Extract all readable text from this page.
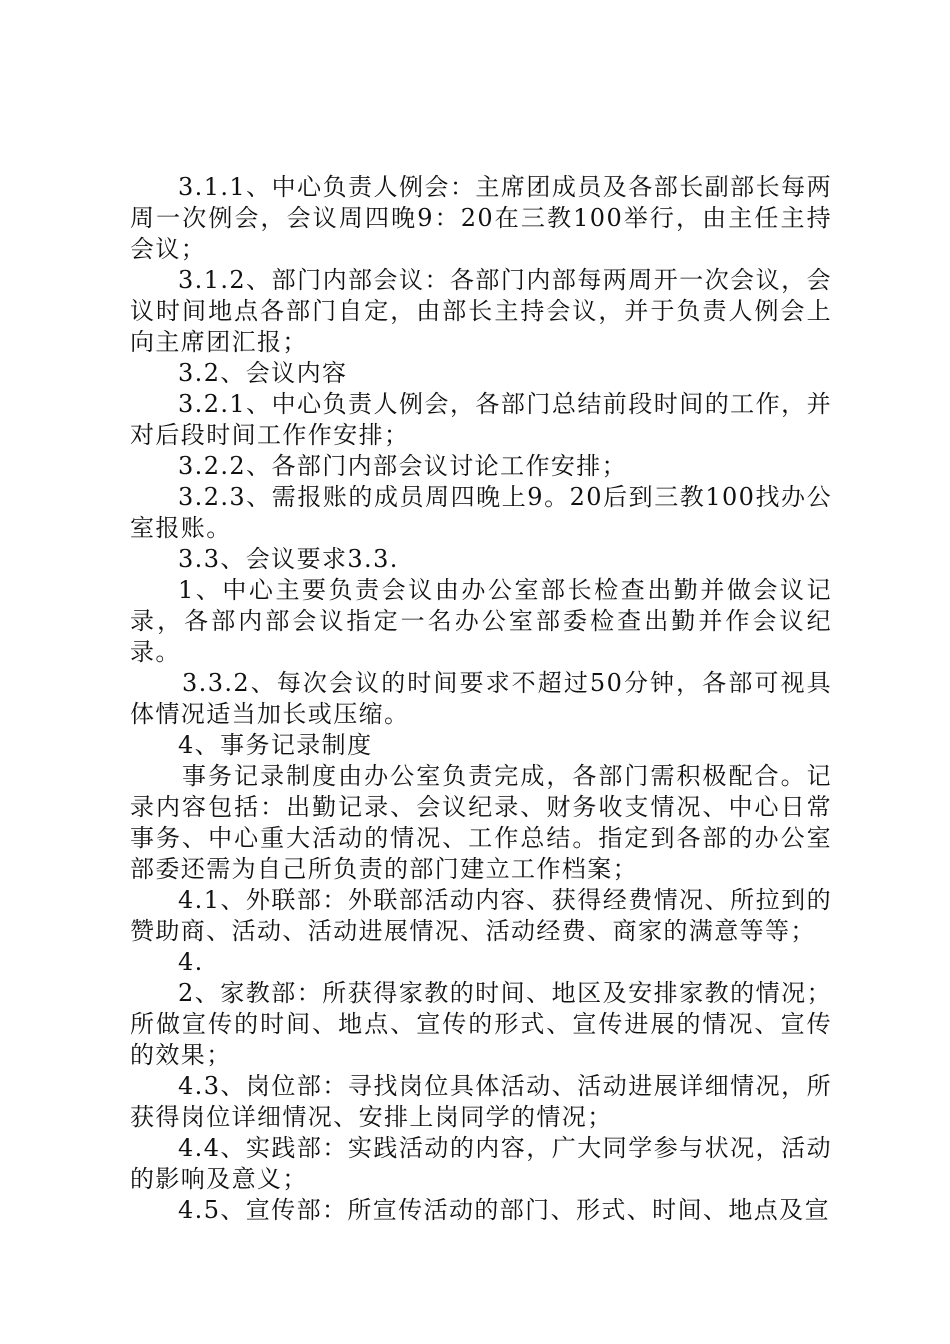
3.1.1、中心负责人例会：主席团成员及各部长副部长每两周一次例会，会议周四晚9：20在三教100举行，由主任主持会议；

3.1.2、部门内部会议：各部门内部每两周开一次会议，会议时间地点各部门自定，由部长主持会议，并于负责人例会上向主席团汇报；

3.2、会议内容

3.2.1、中心负责人例会，各部门总结前段时间的工作，并对后段时间工作作安排；

3.2.2、各部门内部会议讨论工作安排；

3.2.3、需报账的成员周四晚上9。20后到三教100找办公室报账。

3.3、会议要求3.3.

1、中心主要负责会议由办公室部长检查出勤并做会议记录，各部内部会议指定一名办公室部委检查出勤并作会议纪录。

3.3.2、每次会议的时间要求不超过50分钟，各部可视具体情况适当加长或压缩。

4、事务记录制度

事务记录制度由办公室负责完成，各部门需积极配合。记录内容包括：出勤记录、会议纪录、财务收支情况、中心日常事务、中心重大活动的情况、工作总结。指定到各部的办公室部委还需为自己所负责的部门建立工作档案；

4.1、外联部：外联部活动内容、获得经费情况、所拉到的赞助商、活动、活动进展情况、活动经费、商家的满意等等；

4.

2、家教部：所获得家教的时间、地区及安排家教的情况；所做宣传的时间、地点、宣传的形式、宣传进展的情况、宣传的效果；

4.3、岗位部：寻找岗位具体活动、活动进展详细情况，所获得岗位详细情况、安排上岗同学的情况；

4.4、实践部：实践活动的内容，广大同学参与状况，活动的影响及意义；

4.5、宣传部：所宣传活动的部门、形式、时间、地点及宣
